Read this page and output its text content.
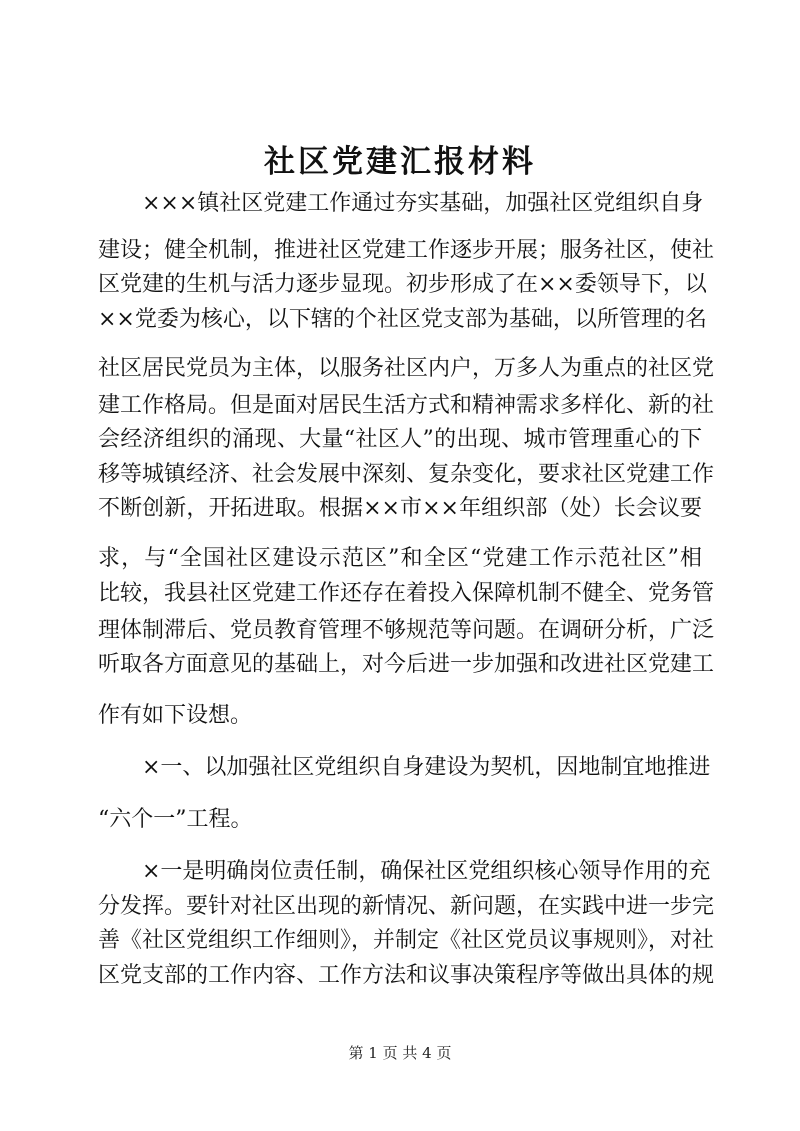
社区党建汇报材料
×××镇社区党建工作通过夯实基础，加强社区党组织自身
建设；健全机制，推进社区党建工作逐步开展；服务社区，使社
区党建的生机与活力逐步显现。初步形成了在××委领导下，以
××党委为核心，以下辖的个社区党支部为基础，以所管理的名
社区居民党员为主体，以服务社区内户，万多人为重点的社区党
建工作格局。但是面对居民生活方式和精神需求多样化、新的社
会经济组织的涌现、大量“社区人”的出现、城市管理重心的下
移等城镇经济、社会发展中深刻、复杂变化，要求社区党建工作
不断创新，开拓进取。根据××市××年组织部（处）长会议要
求，与“全国社区建设示范区”和全区“党建工作示范社区”相
比较，我县社区党建工作还存在着投入保障机制不健全、党务管
理体制滞后、党员教育管理不够规范等问题。在调研分析，广泛
听取各方面意见的基础上，对今后进一步加强和改进社区党建工
作有如下设想。
×一、以加强社区党组织自身建设为契机，因地制宜地推进
“六个一”工程。
×一是明确岗位责任制，确保社区党组织核心领导作用的充
分发挥。要针对社区出现的新情况、新问题，在实践中进一步完
善《社区党组织工作细则》，并制定《社区党员议事规则》，对社
区党支部的工作内容、工作方法和议事决策程序等做出具体的规
第 1 页 共 4 页
